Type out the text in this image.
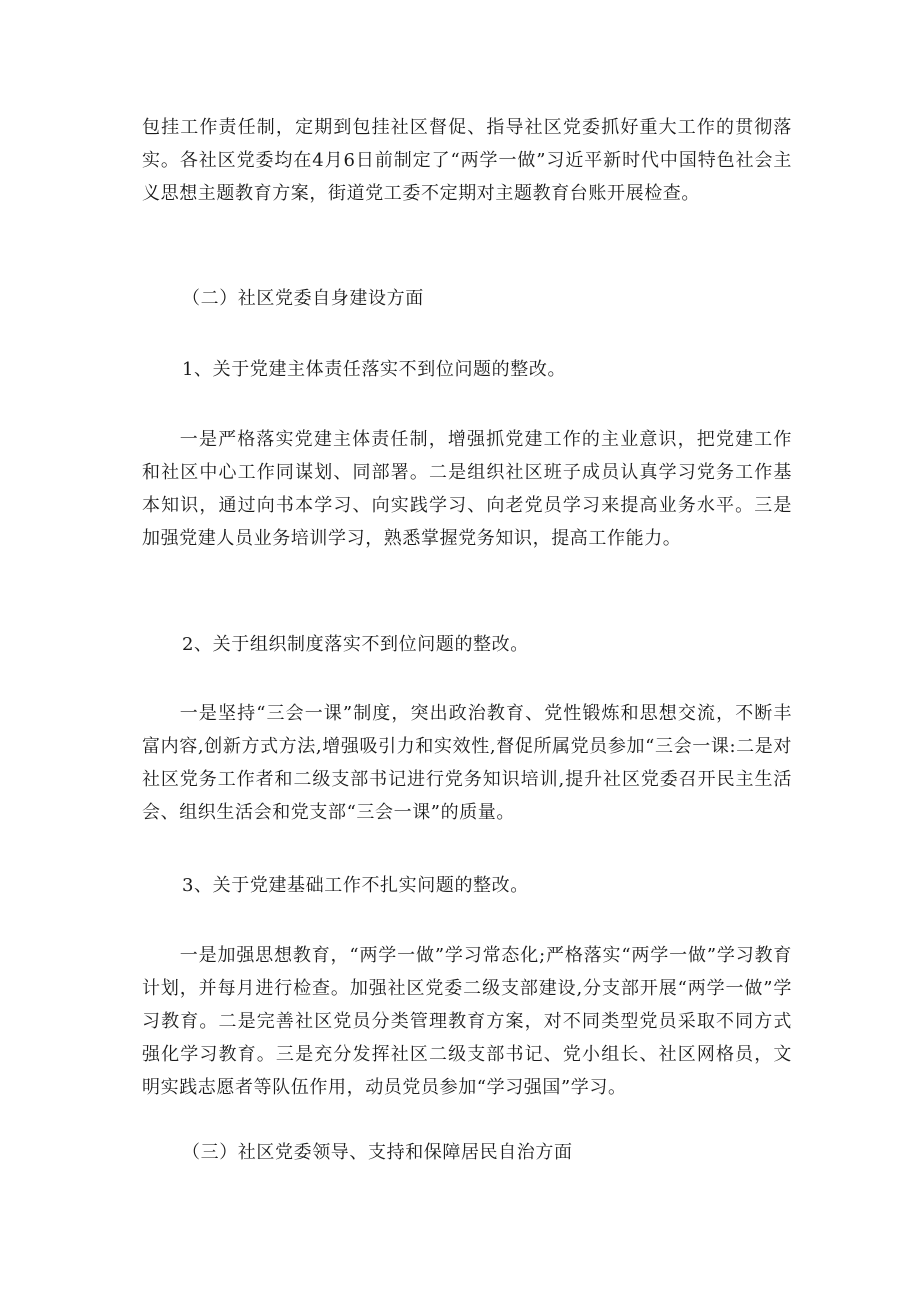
包挂工作责任制，定期到包挂社区督促、指导社区党委抓好重大工作的贯彻落实。各社区党委均在4月6日前制定了“两学一做”习近平新时代中国特色社会主义思想主题教育方案，街道党工委不定期对主题教育台账开展检查。

（二）社区党委自身建设方面

1、关于党建主体责任落实不到位问题的整改。

一是严格落实党建主体责任制，增强抓党建工作的主业意识，把党建工作和社区中心工作同谋划、同部署。二是组织社区班子成员认真学习党务工作基本知识，通过向书本学习、向实践学习、向老党员学习来提高业务水平。三是加强党建人员业务培训学习，熟悉掌握党务知识，提高工作能力。

2、关于组织制度落实不到位问题的整改。

一是坚持“三会一课”制度，突出政治教育、党性锻炼和思想交流，不断丰富内容,创新方式方法,增强吸引力和实效性,督促所属党员参加“三会一课:二是对社区党务工作者和二级支部书记进行党务知识培训,提升社区党委召开民主生活会、组织生活会和党支部“三会一课”的质量。

3、关于党建基础工作不扎实问题的整改。

一是加强思想教育，“两学一做”学习常态化;严格落实“两学一做”学习教育计划，并每月进行检查。加强社区党委二级支部建设,分支部开展“两学一做”学习教育。二是完善社区党员分类管理教育方案，对不同类型党员采取不同方式强化学习教育。三是充分发挥社区二级支部书记、党小组长、社区网格员，文明实践志愿者等队伍作用，动员党员参加“学习强国”学习。

（三）社区党委领导、支持和保障居民自治方面
